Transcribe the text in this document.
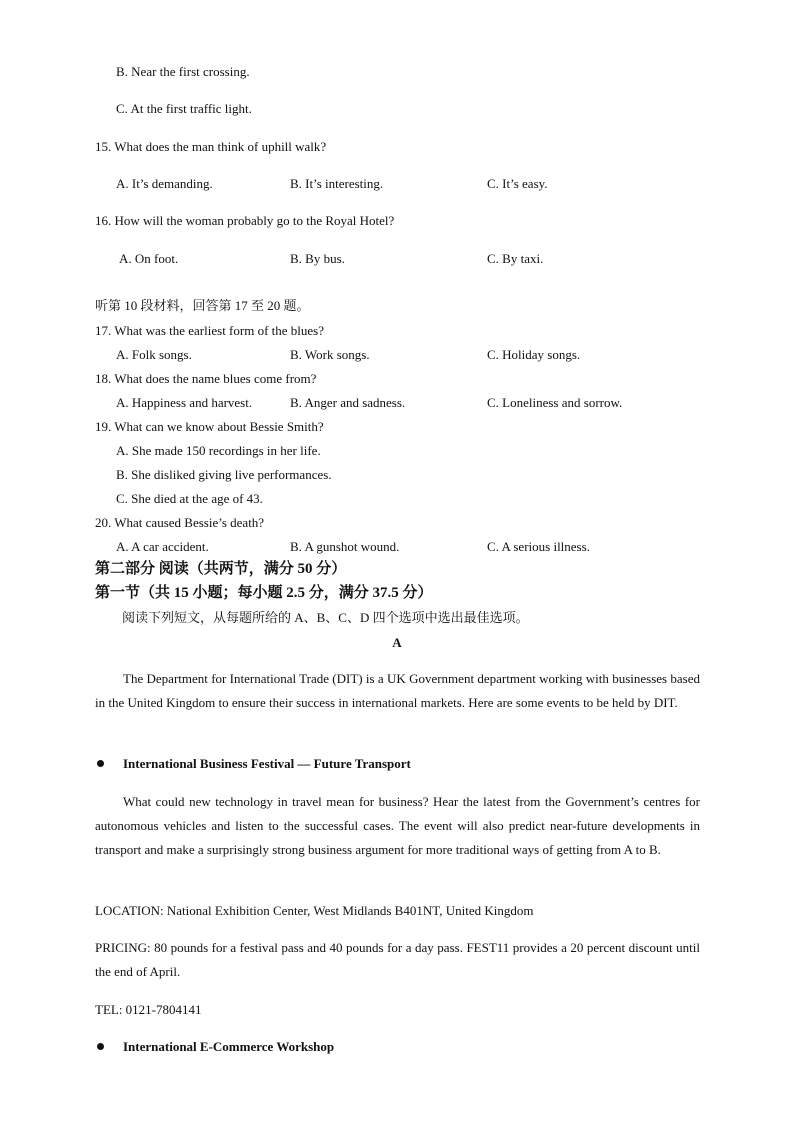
B. Near the first crossing.
C. At the first traffic light.
15. What does the man think of uphill walk?
A. It’s demanding.	B. It’s interesting.	C. It’s easy.
16. How will the woman probably go to the Royal Hotel?
A. On foot.	B. By bus.	C. By taxi.
听第 10 段材料，回答第 17 至 20 题。
17. What was the earliest form of the blues?
A. Folk songs.	B. Work songs.	C. Holiday songs.
18. What does the name blues come from?
A. Happiness and harvest.	B. Anger and sadness.	C. Loneliness and sorrow.
19. What can we know about Bessie Smith?
A. She made 150 recordings in her life.
B. She disliked giving live performances.
C. She died at the age of 43.
20. What caused Bessie’s death?
A. A car accident.	B. A gunshot wound.	C. A serious illness.
第二部分 阅读（共两节，满分 50 分）
第一节（共 15 小题；每小题 2.5 分，满分 37.5 分）
阅读下列短文，从每题所给的 A、B、C、D 四个选项中选出最佳选项。
A

The Department for International Trade (DIT) is a UK Government department working with businesses based in the United Kingdom to ensure their success in international markets. Here are some events to be held by DIT.

International Business Festival — Future Transport

What could new technology in travel mean for business? Hear the latest from the Government’s centres for autonomous vehicles and listen to the successful cases. The event will also predict near-future developments in transport and make a surprisingly strong business argument for more traditional ways of getting from A to B.

LOCATION: National Exhibition Center, West Midlands B401NT, United Kingdom

PRICING: 80 pounds for a festival pass and 40 pounds for a day pass. FEST11 provides a 20 percent discount until the end of April.

TEL: 0121-7804141
International E-Commerce Workshop
